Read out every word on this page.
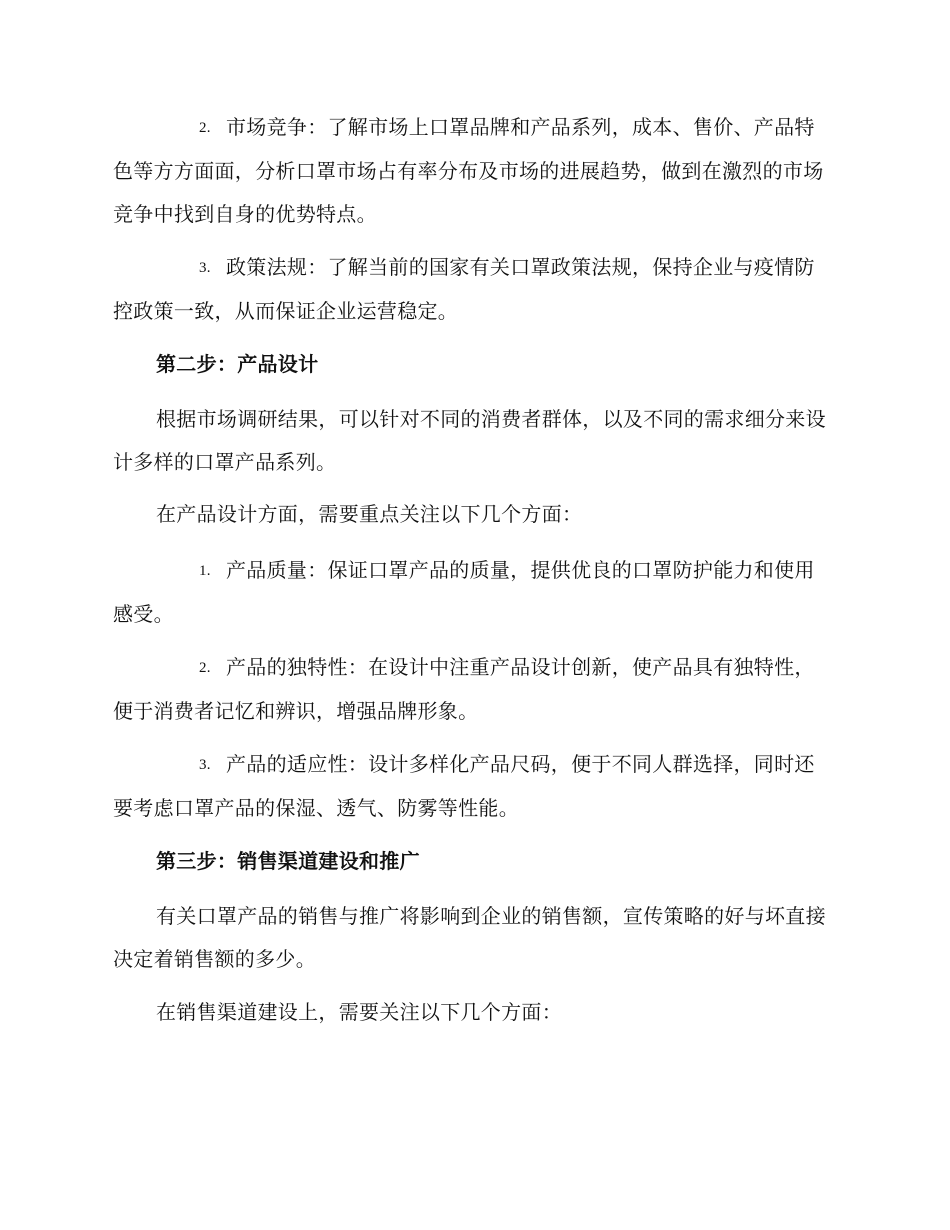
2. 市场竞争：了解市场上口罩品牌和产品系列，成本、售价、产品特色等方方面面，分析口罩市场占有率分布及市场的进展趋势，做到在激烈的市场竞争中找到自身的优势特点。

3. 政策法规：了解当前的国家有关口罩政策法规，保持企业与疫情防控政策一致，从而保证企业运营稳定。

第二步：产品设计

根据市场调研结果，可以针对不同的消费者群体，以及不同的需求细分来设计多样的口罩产品系列。

在产品设计方面，需要重点关注以下几个方面：

1. 产品质量：保证口罩产品的质量，提供优良的口罩防护能力和使用感受。

2. 产品的独特性：在设计中注重产品设计创新，使产品具有独特性，便于消费者记忆和辨识，增强品牌形象。

3. 产品的适应性：设计多样化产品尺码，便于不同人群选择，同时还要考虑口罩产品的保湿、透气、防雾等性能。

第三步：销售渠道建设和推广

有关口罩产品的销售与推广将影响到企业的销售额，宣传策略的好与坏直接决定着销售额的多少。

在销售渠道建设上，需要关注以下几个方面：
